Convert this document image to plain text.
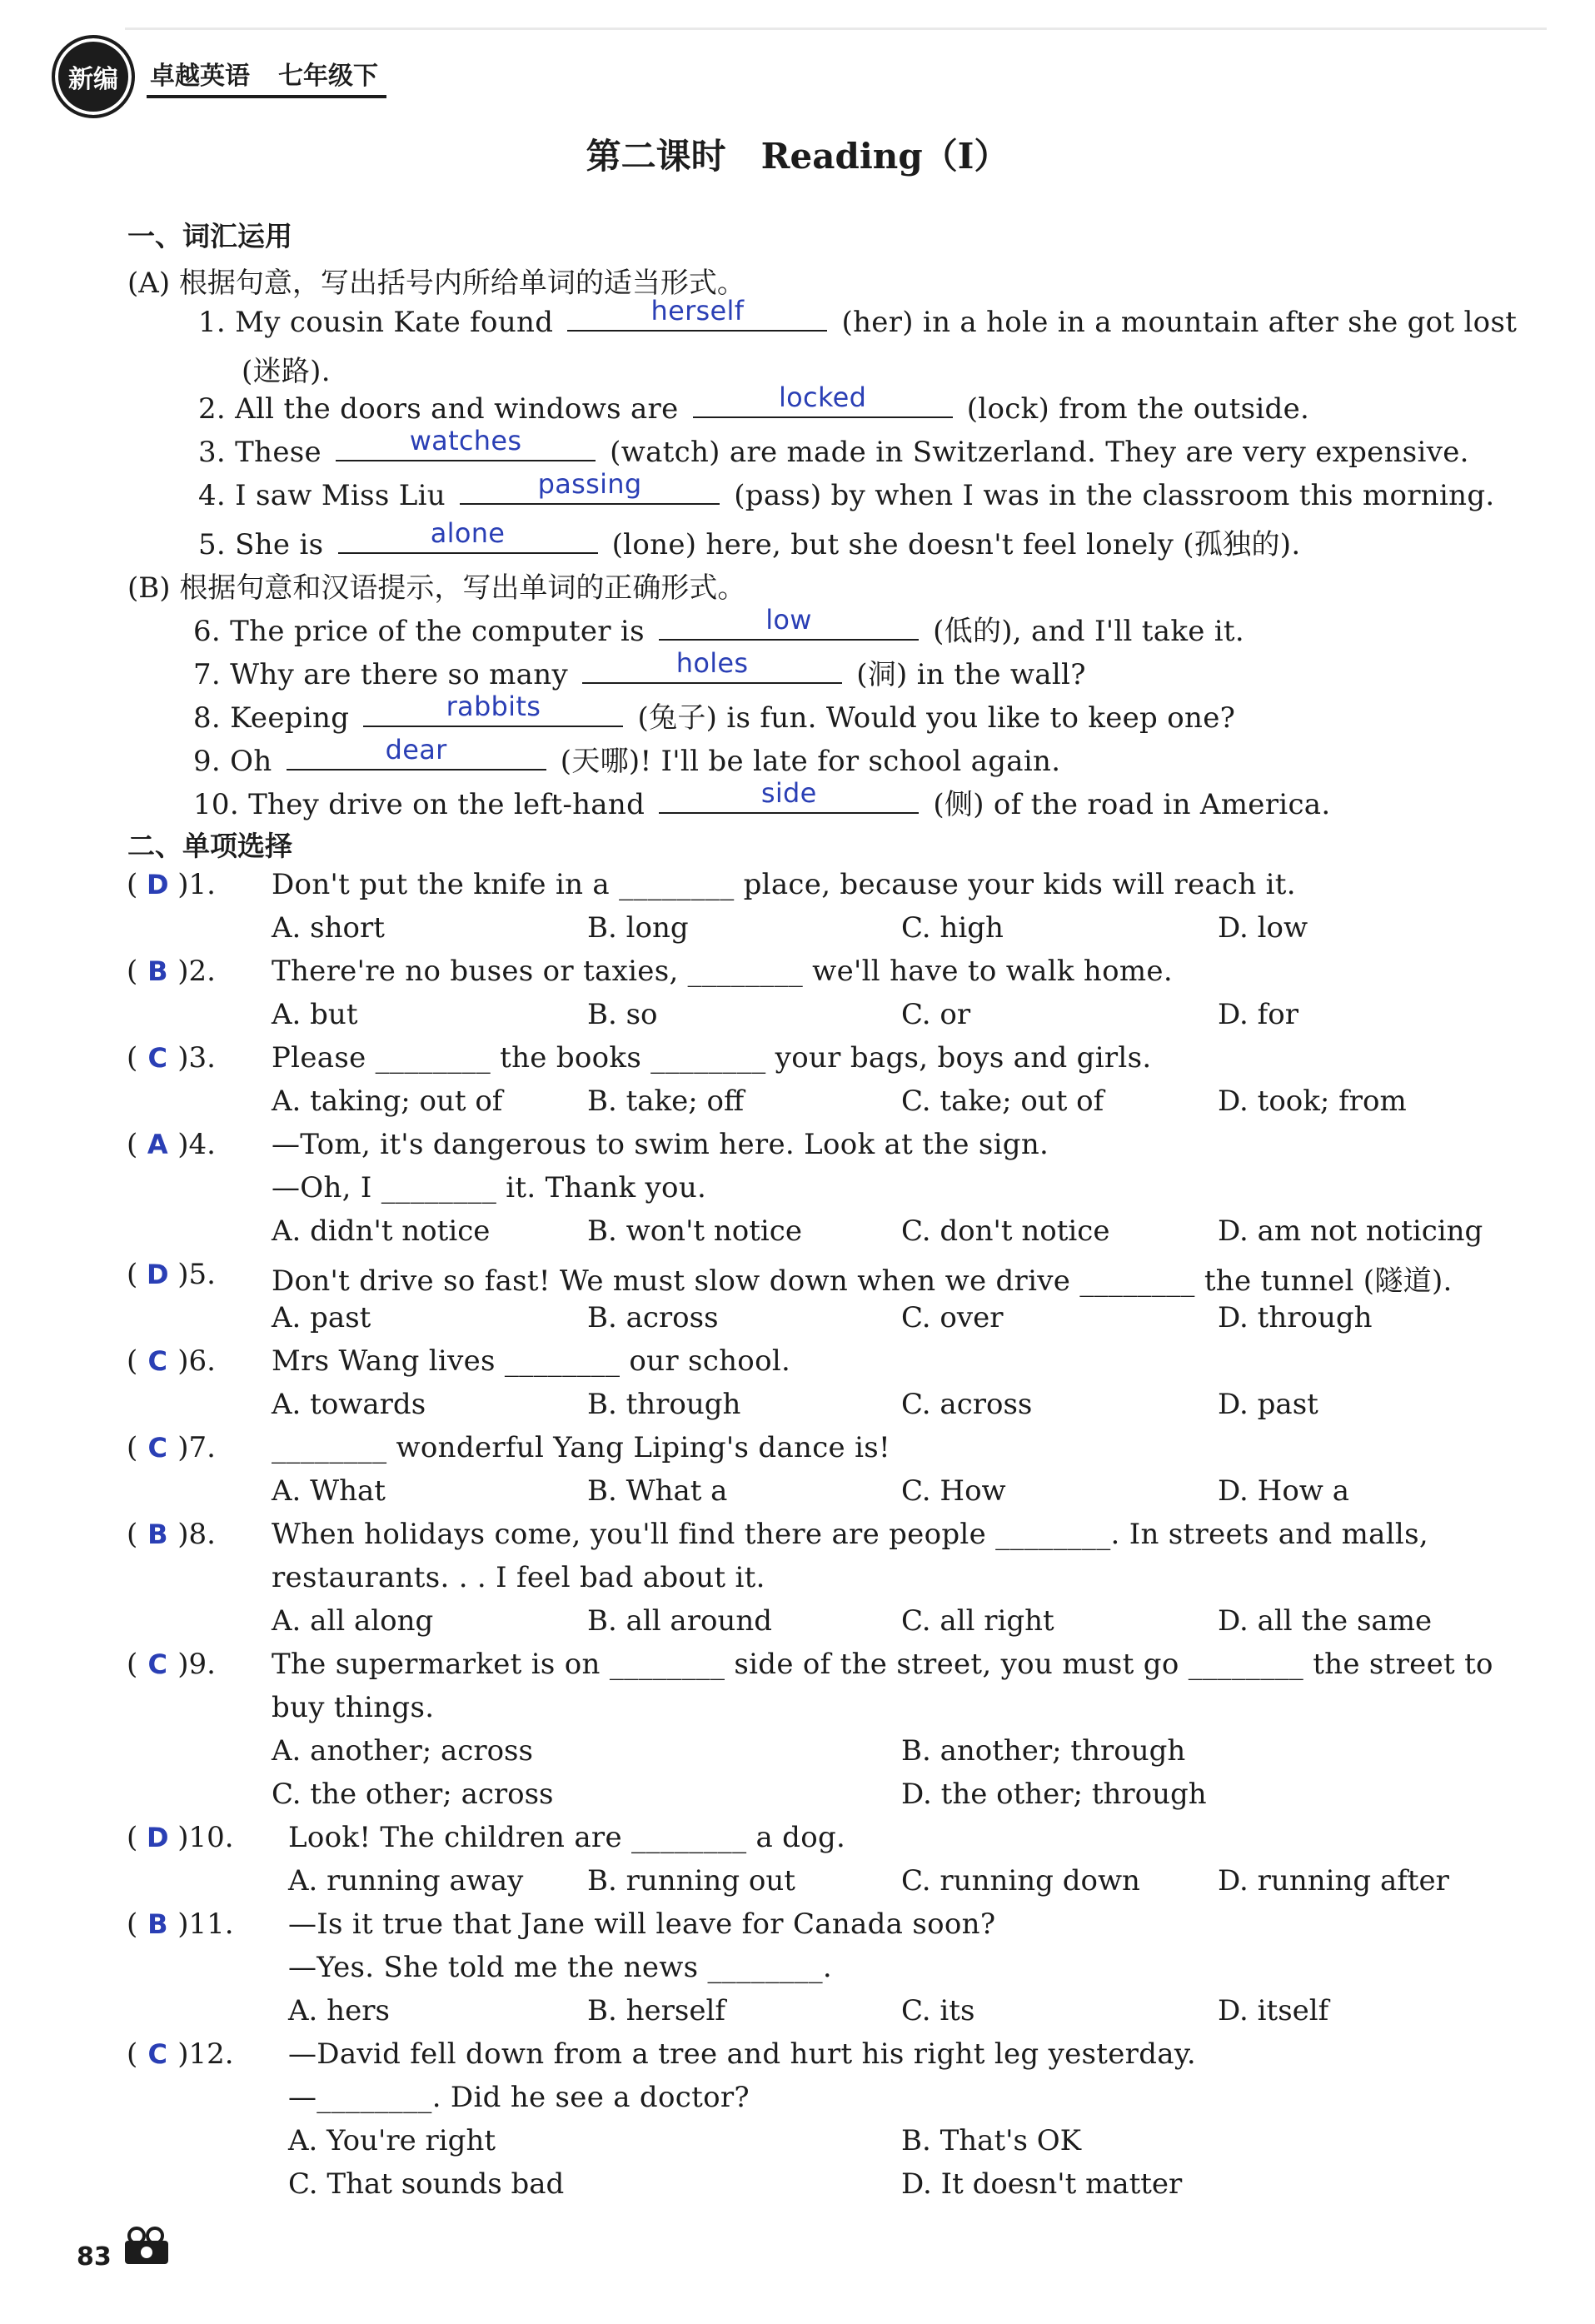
新编	卓越英语 七年级下
第二课时　Reading（Ⅰ）
一、词汇运用
(A) 根据句意，写出括号内所给单词的适当形式。
1. My cousin Kate found	herself	(her) in a hole in a mountain after she got lost
(迷路).
2. All the doors and windows are	locked	(lock) from the outside.
3. These	watches	(watch) are made in Switzerland. They are very expensive.
4. I saw Miss Liu	passing	(pass) by when I was in the classroom this morning.
5. She is	alone	(lone) here, but she doesn't feel lonely (孤独的).
(B) 根据句意和汉语提示，写出单词的正确形式。
6. The price of the computer is	low	(低的), and I'll take it.
7. Why are there so many	holes	(洞) in the wall?
8. Keeping	rabbits	(兔子) is fun. Would you like to keep one?
9. Oh	dear	(天哪)! I'll be late for school again.
10. They drive on the left-hand	side	(侧) of the road in America.
二、单项选择
( D )1. Don't put the knife in a ________ place, because your kids will reach it.
A. short	B. long	C. high	D. low
( B )2. There're no buses or taxies, ________ we'll have to walk home.
A. but	B. so	C. or	D. for
( C )3. Please ________ the books ________ your bags, boys and girls.
A. taking; out of	B. take; off	C. take; out of	D. took; from
( A )4. —Tom, it's dangerous to swim here. Look at the sign.
—Oh, I ________ it. Thank you.
A. didn't notice	B. won't notice	C. don't notice	D. am not noticing
( D )5. Don't drive so fast! We must slow down when we drive ________ the tunnel (隧道).
A. past	B. across	C. over	D. through
( C )6. Mrs Wang lives ________ our school.
A. towards	B. through	C. across	D. past
( C )7. ________ wonderful Yang Liping's dance is!
A. What	B. What a	C. How	D. How a
( B )8. When holidays come, you'll find there are people ________. In streets and malls,
restaurants. . . I feel bad about it.
A. all along	B. all around	C. all right	D. all the same
( C )9. The supermarket is on ________ side of the street, you must go ________ the street to
buy things.
A. another; across	B. another; through
C. the other; across	D. the other; through
( D )10. Look! The children are ________ a dog.
A. running away B. running out	C. running down	D. running after
( B )11. —Is it true that Jane will leave for Canada soon?
—Yes. She told me the news ________.
A. hers	B. herself	C. its	D. itself
( C )12. —David fell down from a tree and hurt his right leg yesterday.
—________. Did he see a doctor?
A. You're right	B. That's OK
C. That sounds bad	D. It doesn't matter
83
